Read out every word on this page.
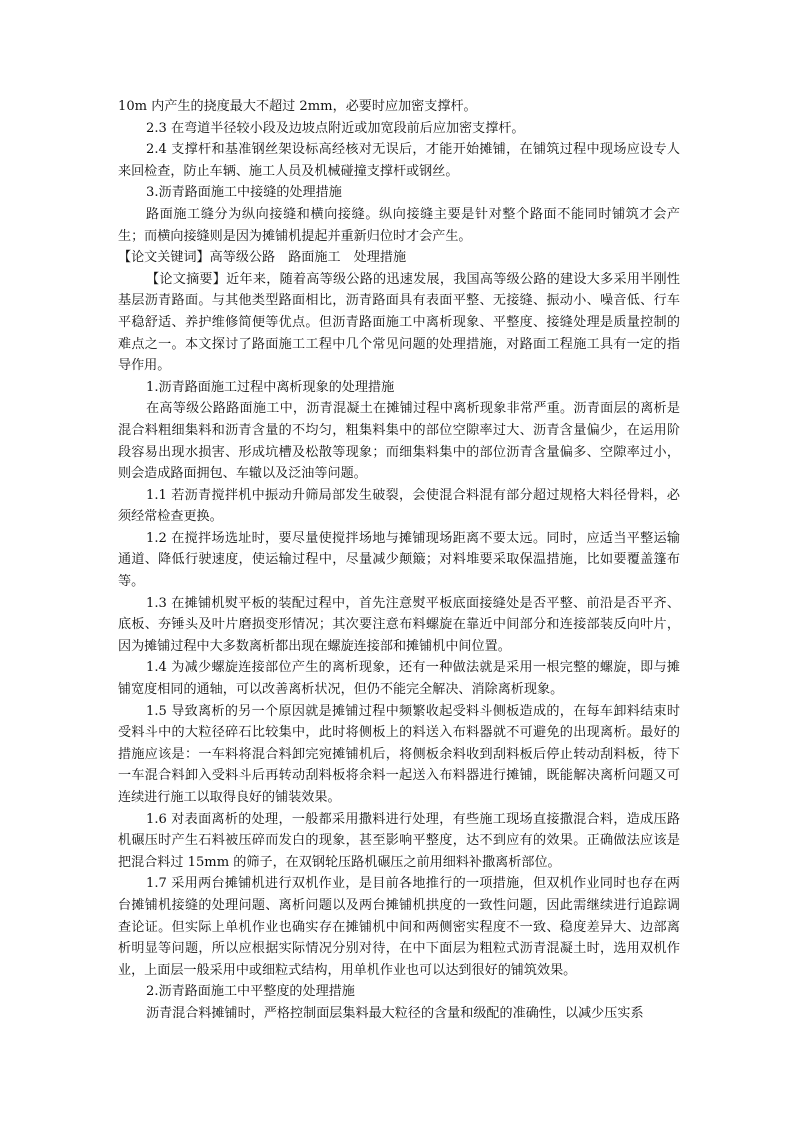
10m 内产生的挠度最大不超过 2mm，必要时应加密支撑杆。

2.3 在弯道半径较小段及边坡点附近或加宽段前后应加密支撑杆。

2.4 支撑杆和基准钢丝架设标高经核对无误后，才能开始摊铺，在铺筑过程中现场应设专人来回检查，防止车辆、施工人员及机械碰撞支撑杆或钢丝。

3.沥青路面施工中接缝的处理措施

路面施工缝分为纵向接缝和横向接缝。纵向接缝主要是针对整个路面不能同时铺筑才会产生；而横向接缝则是因为摊铺机提起并重新归位时才会产生。

【论文关键词】高等级公路　路面施工　处理措施

【论文摘要】近年来，随着高等级公路的迅速发展，我国高等级公路的建设大多采用半刚性基层沥青路面。与其他类型路面相比，沥青路面具有表面平整、无接缝、振动小、噪音低、行车平稳舒适、养护维修简便等优点。但沥青路面施工中离析现象、平整度、接缝处理是质量控制的难点之一。本文探讨了路面施工工程中几个常见问题的处理措施，对路面工程施工具有一定的指导作用。

1.沥青路面施工过程中离析现象的处理措施

在高等级公路路面施工中，沥青混凝土在摊铺过程中离析现象非常严重。沥青面层的离析是混合料粗细集料和沥青含量的不均匀，粗集料集中的部位空隙率过大、沥青含量偏少，在运用阶段容易出现水损害、形成坑槽及松散等现象；而细集料集中的部位沥青含量偏多、空隙率过小，则会造成路面拥包、车辙以及泛油等问题。

1.1 若沥青搅拌机中振动升筛局部发生破裂，会使混合料混有部分超过规格大料径骨料，必须经常检查更换。

1.2 在搅拌场选址时，要尽量使搅拌场地与摊铺现场距离不要太远。同时，应适当平整运输通道、降低行驶速度，使运输过程中，尽量减少颠簸；对料堆要采取保温措施，比如要覆盖篷布等。

1.3 在摊铺机熨平板的装配过程中，首先注意熨平板底面接缝处是否平整、前沿是否平齐、底板、夯锤头及叶片磨损变形情况；其次要注意布料螺旋在靠近中间部分和连接部装反向叶片，因为摊铺过程中大多数离析都出现在螺旋连接部和摊铺机中间位置。

1.4 为减少螺旋连接部位产生的离析现象，还有一种做法就是采用一根完整的螺旋，即与摊铺宽度相同的通轴，可以改善离析状况，但仍不能完全解决、消除离析现象。

1.5 导致离析的另一个原因就是摊铺过程中频繁收起受料斗侧板造成的，在每车卸料结束时受料斗中的大粒径碎石比较集中，此时将侧板上的料送入布料器就不可避免的出现离析。最好的措施应该是：一车料将混合料卸完宛摊铺机后，将侧板余料收到刮料板后停止转动刮料板，待下一车混合料卸入受料斗后再转动刮料板将余料一起送入布料器进行摊铺，既能解决离析问题又可连续进行施工以取得良好的铺装效果。

1.6 对表面离析的处理，一般都采用撒料进行处理，有些施工现场直接撒混合料，造成压路机碾压时产生石料被压碎而发白的现象，甚至影响平整度，达不到应有的效果。正确做法应该是把混合料过 15mm 的筛子，在双钢轮压路机碾压之前用细料补撒离析部位。

1.7 采用两台摊铺机进行双机作业，是目前各地推行的一项措施，但双机作业同时也存在两台摊铺机接缝的处理问题、离析问题以及两台摊铺机拱度的一致性问题，因此需继续进行追踪调查论证。但实际上单机作业也确实存在摊铺机中间和两侧密实程度不一致、稳度差异大、边部离析明显等问题，所以应根据实际情况分别对待，在中下面层为粗粒式沥青混凝土时，选用双机作业，上面层一般采用中或细粒式结构，用单机作业也可以达到很好的铺筑效果。

2.沥青路面施工中平整度的处理措施

沥青混合料摊铺时，严格控制面层集料最大粒径的含量和级配的准确性，以减少压实系
